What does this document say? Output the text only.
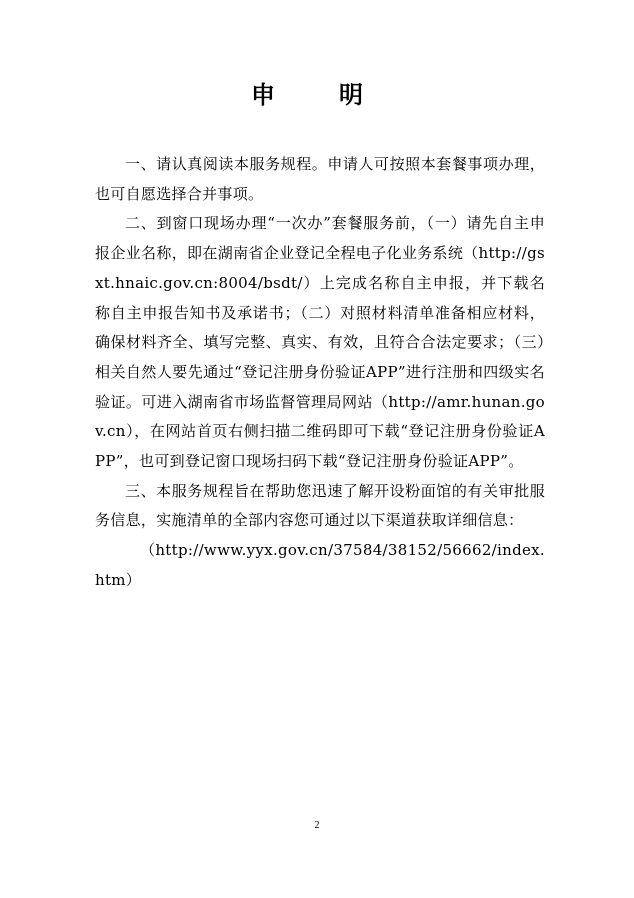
申　明

一、请认真阅读本服务规程。申请人可按照本套餐事项办理，也可自愿选择合并事项。

二、到窗口现场办理“一次办”套餐服务前，（一）请先自主申报企业名称，即在湖南省企业登记全程电子化业务系统（http://gsxt.hnaic.gov.cn:8004/bsdt/）上完成名称自主申报，并下载名称自主申报告知书及承诺书；（二）对照材料清单准备相应材料，确保材料齐全、填写完整、真实、有效，且符合合法定要求；（三）相关自然人要先通过“登记注册身份验证APP”进行注册和四级实名验证。可进入湖南省市场监督管理局网站（http://amr.hunan.gov.cn），在网站首页右侧扫描二维码即可下载“登记注册身份验证APP”，也可到登记窗口现场扫码下载“登记注册身份验证APP”。

三、本服务规程旨在帮助您迅速了解开设粉面馆的有关审批服务信息，实施清单的全部内容您可通过以下渠道获取详细信息：

（http://www.yyx.gov.cn/37584/38152/56662/index.htm）

2
